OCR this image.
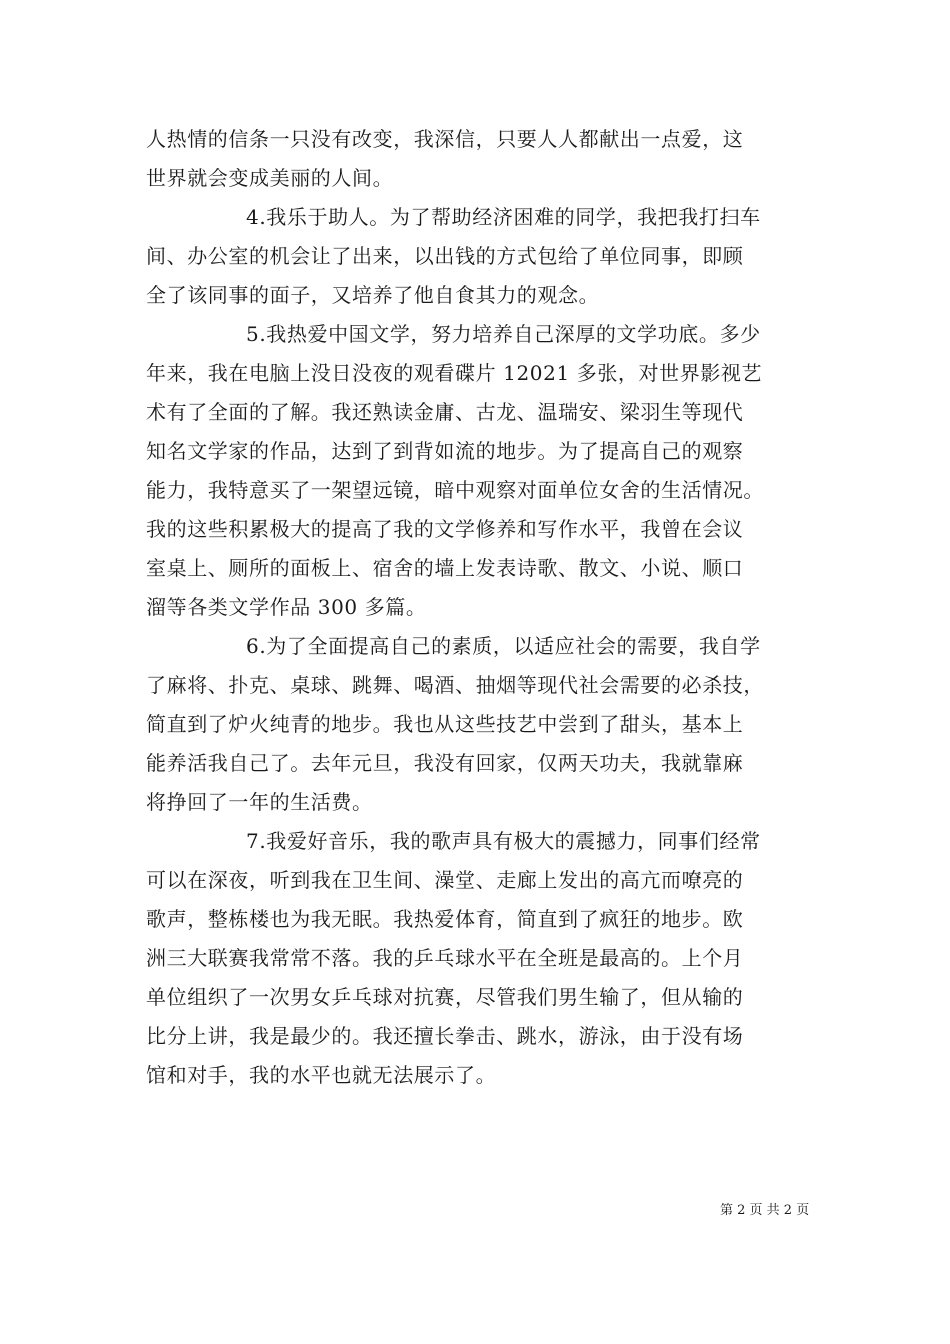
人热情的信条一只没有改变，我深信，只要人人都献出一点爱，这
世界就会变成美丽的人间。
4.我乐于助人。为了帮助经济困难的同学，我把我打扫车
间、办公室的机会让了出来，以出钱的方式包给了单位同事，即顾
全了该同事的面子，又培养了他自食其力的观念。
5.我热爱中国文学，努力培养自己深厚的文学功底。多少
年来，我在电脑上没日没夜的观看碟片 12021 多张，对世界影视艺
术有了全面的了解。我还熟读金庸、古龙、温瑞安、梁羽生等现代
知名文学家的作品，达到了到背如流的地步。为了提高自己的观察
能力，我特意买了一架望远镜，暗中观察对面单位女舍的生活情况。
我的这些积累极大的提高了我的文学修养和写作水平，我曾在会议
室桌上、厕所的面板上、宿舍的墙上发表诗歌、散文、小说、顺口
溜等各类文学作品 300 多篇。
6.为了全面提高自己的素质，以适应社会的需要，我自学
了麻将、扑克、桌球、跳舞、喝酒、抽烟等现代社会需要的必杀技，
简直到了炉火纯青的地步。我也从这些技艺中尝到了甜头，基本上
能养活我自己了。去年元旦，我没有回家，仅两天功夫，我就靠麻
将挣回了一年的生活费。
7.我爱好音乐，我的歌声具有极大的震撼力，同事们经常
可以在深夜，听到我在卫生间、澡堂、走廊上发出的高亢而嘹亮的
歌声，整栋楼也为我无眠。我热爱体育，简直到了疯狂的地步。欧
洲三大联赛我常常不落。我的乒乓球水平在全班是最高的。上个月
单位组织了一次男女乒乓球对抗赛，尽管我们男生输了，但从输的
比分上讲，我是最少的。我还擅长拳击、跳水，游泳，由于没有场
馆和对手，我的水平也就无法展示了。
第 2 页 共 2 页
